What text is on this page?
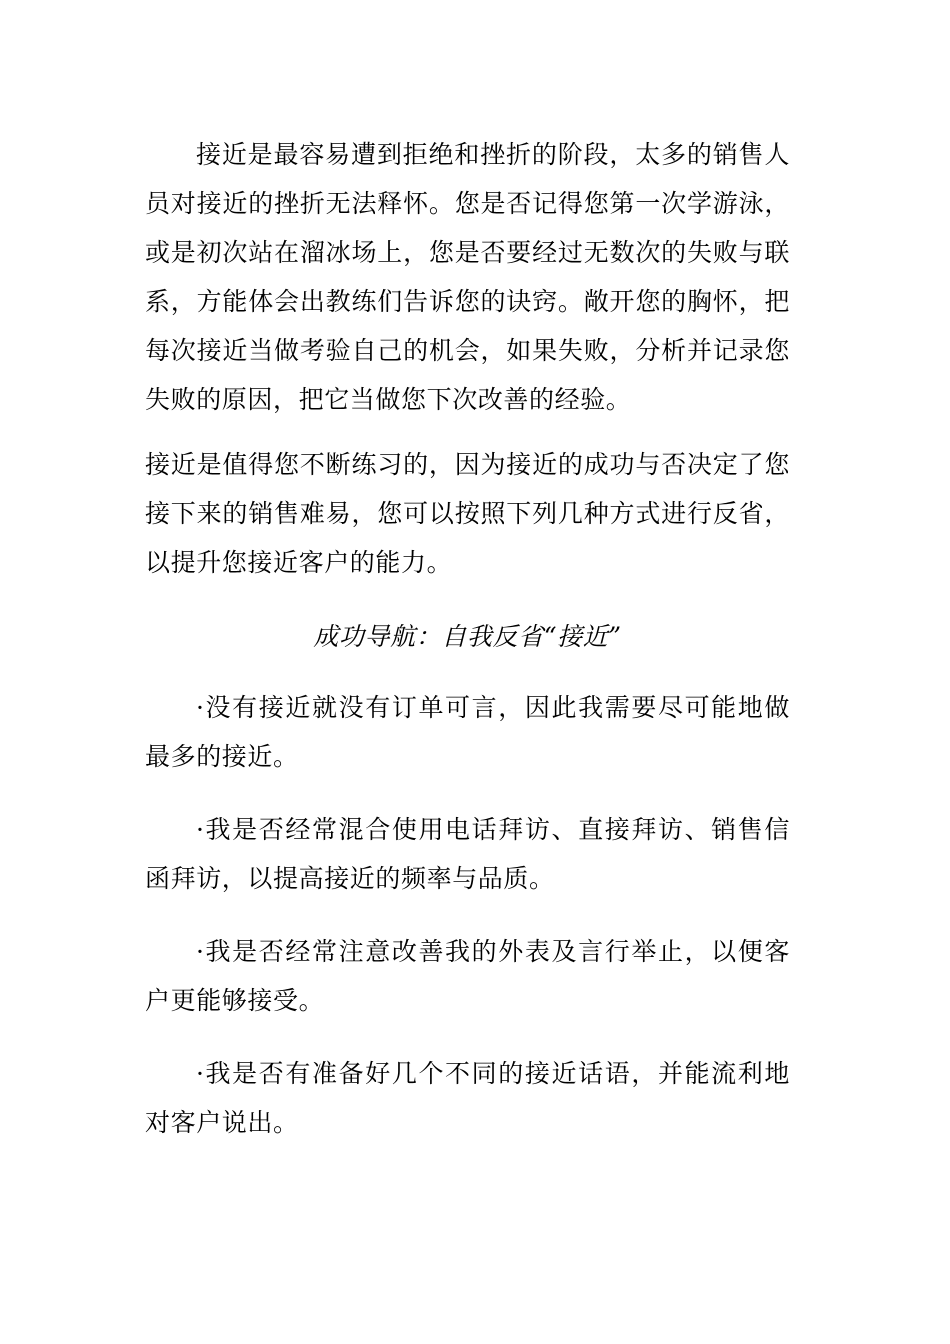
接近是最容易遭到拒绝和挫折的阶段，太多的销售人员对接近的挫折无法释怀。您是否记得您第一次学游泳，或是初次站在溜冰场上，您是否要经过无数次的失败与联系，方能体会出教练们告诉您的诀窍。敞开您的胸怀，把每次接近当做考验自己的机会，如果失败，分析并记录您失败的原因，把它当做您下次改善的经验。

接近是值得您不断练习的，因为接近的成功与否决定了您接下来的销售难易，您可以按照下列几种方式进行反省，以提升您接近客户的能力。

成功导航：自我反省“接近”

·没有接近就没有订单可言，因此我需要尽可能地做最多的接近。

·我是否经常混合使用电话拜访、直接拜访、销售信函拜访，以提高接近的频率与品质。

·我是否经常注意改善我的外表及言行举止，以便客户更能够接受。

·我是否有准备好几个不同的接近话语，并能流利地对客户说出。
